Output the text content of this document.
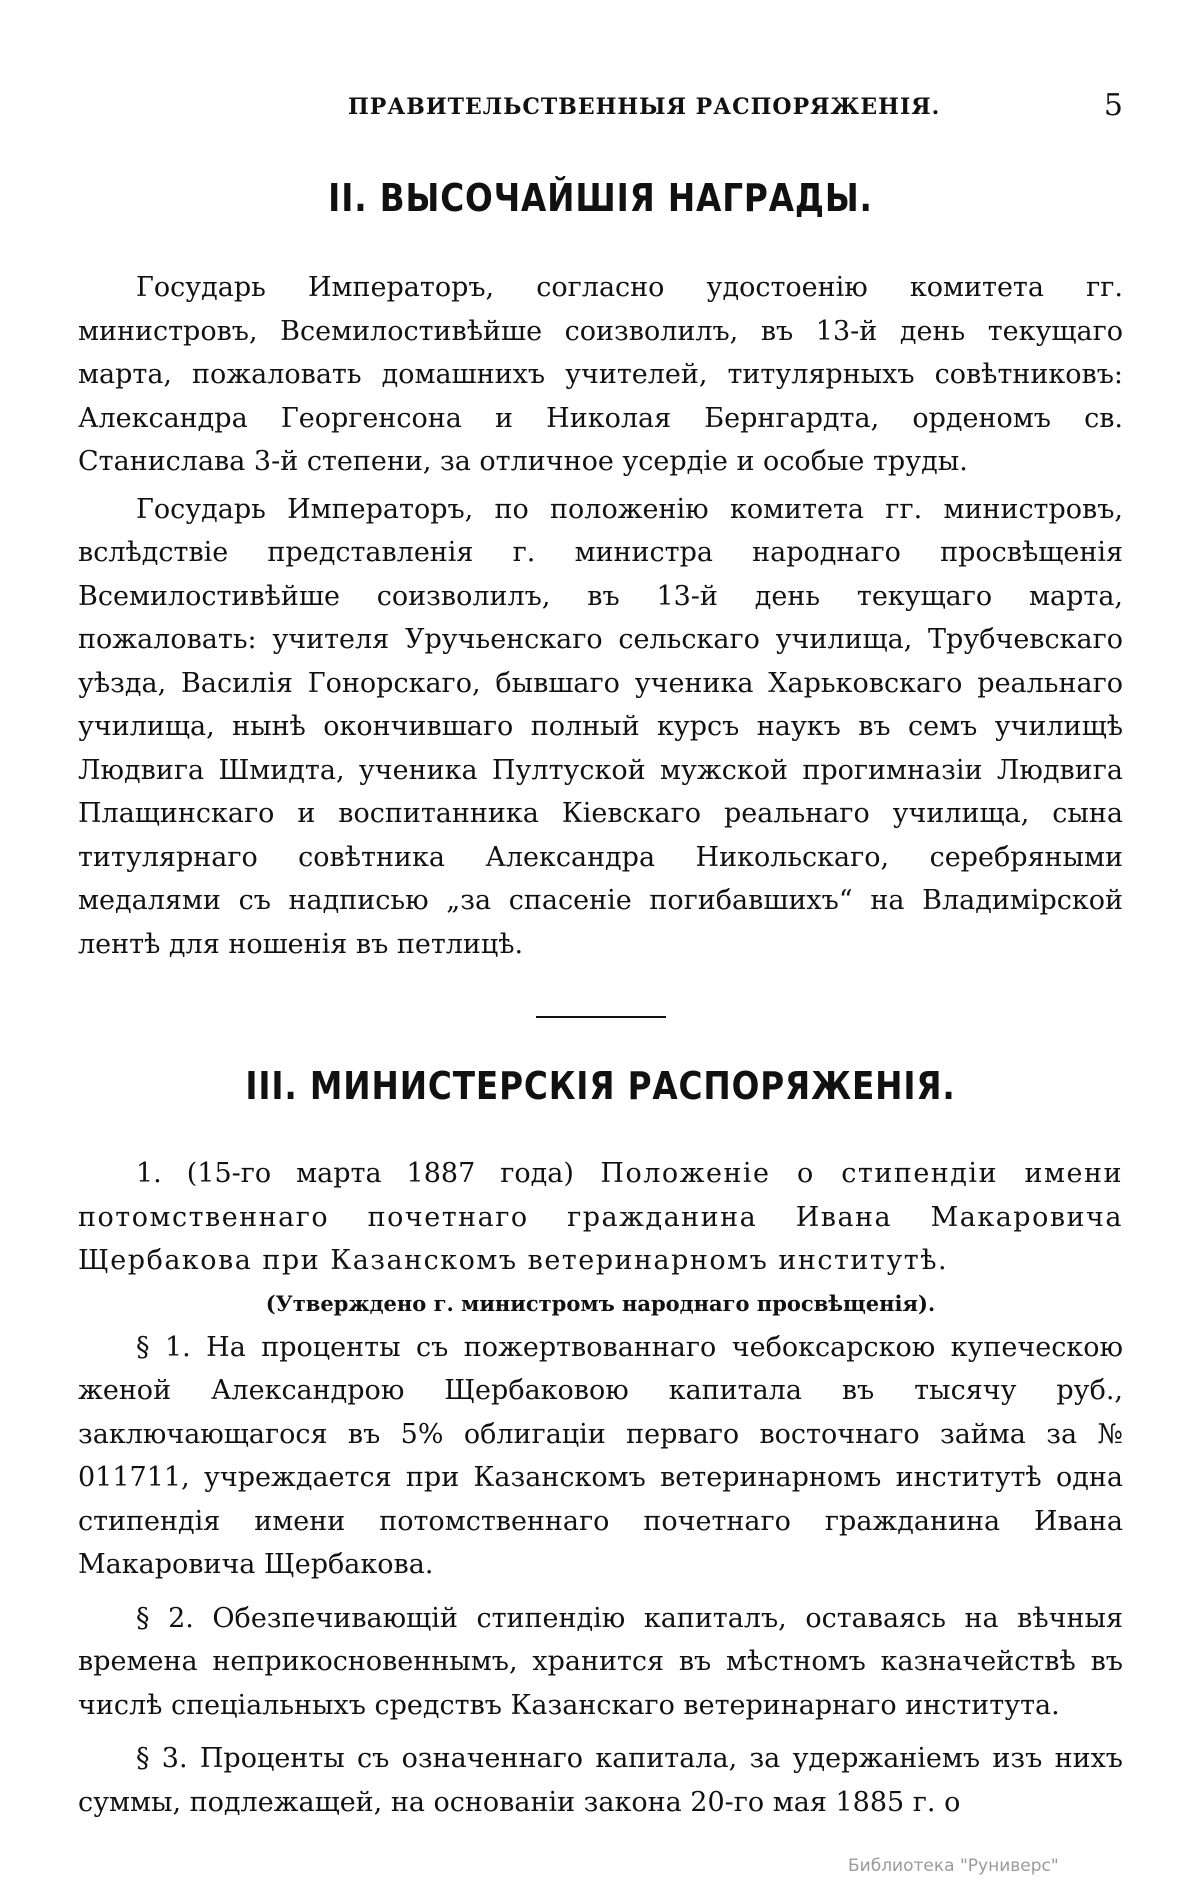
ПРАВИТЕЛЬСТВЕННЫЯ РАСПОРЯЖЕНІЯ.	5
II. ВЫСОЧАЙШІЯ НАГРАДЫ.

Государь Императоръ, согласно удостоенію комитета гг. министровъ, Всемилостивѣйше соизволилъ, въ 13-й день текущаго марта, пожаловать домашнихъ учителей, титулярныхъ совѣтниковъ: Александра Георгенсона и Николая Бернгардта, орденомъ св. Станислава 3-й степени, за отличное усердіе и особые труды.

Государь Императоръ, по положенію комитета гг. министровъ, вслѣдствіе представленія г. министра народнаго просвѣщенія Всемилостивѣйше соизволилъ, въ 13-й день текущаго марта, пожаловать: учителя Уручьенскаго сельскаго училища, Трубчевскаго уѣзда, Василія Гонорскаго, бывшаго ученика Харьковскаго реальнаго училища, нынѣ окончившаго полный курсъ наукъ въ семъ училищѣ Людвига Шмидта, ученика Пултуской мужской прогимназіи Людвига Плащинскаго и воспитанника Кіевскаго реальнаго училища, сына титулярнаго совѣтника Александра Никольскаго, серебряными медалями съ надписью „за спасеніе погибавшихъ“ на Владимірской лентѣ для ношенія въ петлицѣ.

III. МИНИСТЕРСКІЯ РАСПОРЯЖЕНІЯ.

1. (15-го марта 1887 года) Положеніе о стипендіи имени потомственнаго почетнаго гражданина Ивана Макаровича Щербакова при Казанскомъ ветеринарномъ институтѣ.

(Утверждено г. министромъ народнаго просвѣщенія).

§ 1. На проценты съ пожертвованнаго чебоксарскою купеческою женой Александрою Щербаковою капитала въ тысячу руб., заключающагося въ 5% облигаціи перваго восточнаго займа за № 011711, учреждается при Казанскомъ ветеринарномъ институтѣ одна стипендія имени потомственнаго почетнаго гражданина Ивана Макаровича Щербакова.

§ 2. Обезпечивающій стипендію капиталъ, оставаясь на вѣчныя времена неприкосновеннымъ, хранится въ мѣстномъ казначействѣ въ числѣ спеціальныхъ средствъ Казанскаго ветеринарнаго института.

§ 3. Проценты съ означеннаго капитала, за удержаніемъ изъ нихъ суммы, подлежащей, на основаніи закона 20-го мая 1885 г. о

Библиотека "Руниверс"
